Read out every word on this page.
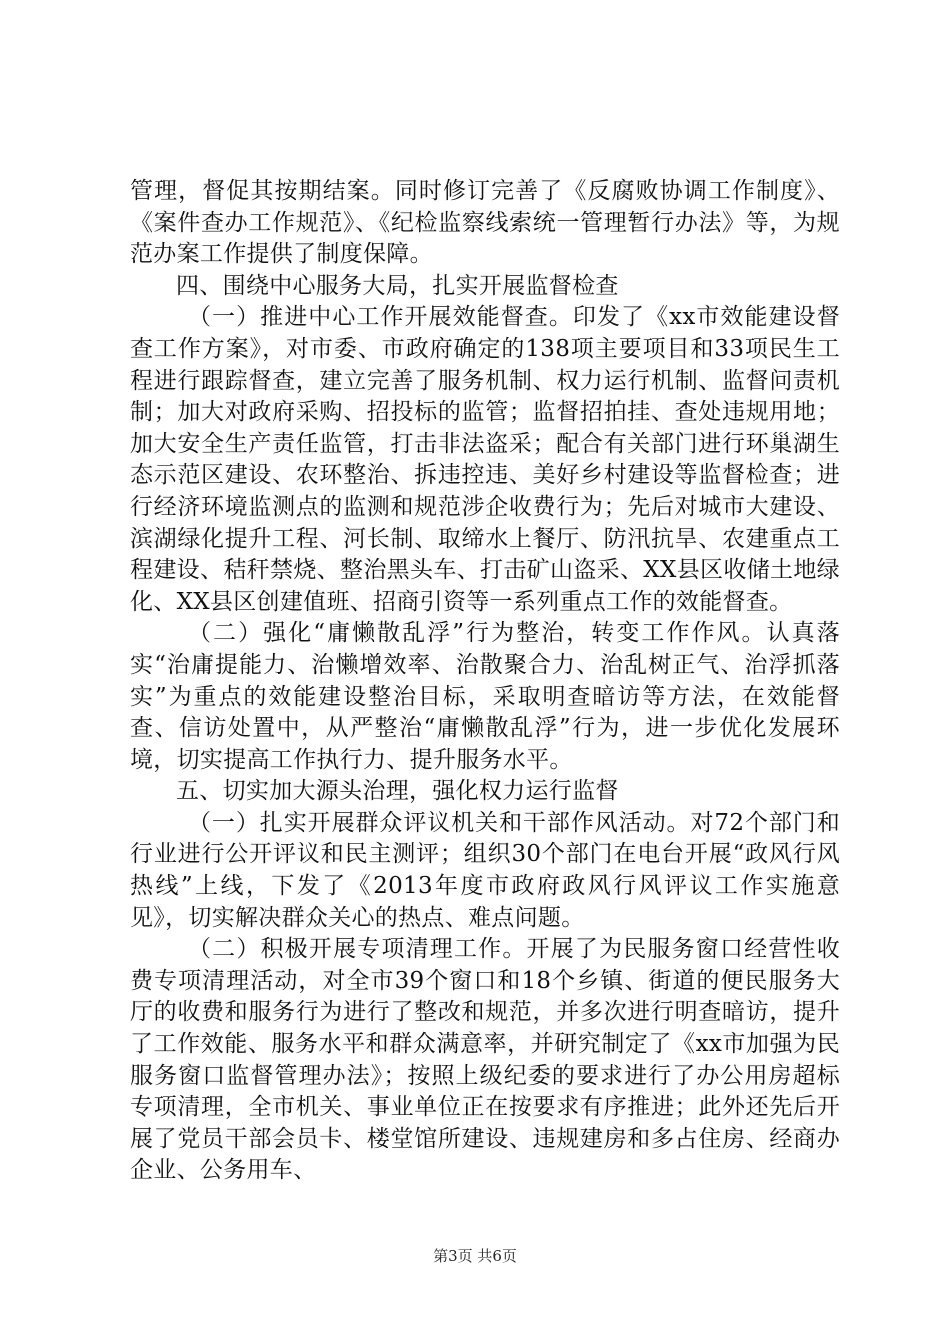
管理，督促其按期结案。同时修订完善了《反腐败协调工作制度》、《案件查办工作规范》、《纪检监察线索统一管理暂行办法》等，为规范办案工作提供了制度保障。

四、围绕中心服务大局，扎实开展监督检查

（一）推进中心工作开展效能督查。印发了《xx市效能建设督查工作方案》，对市委、市政府确定的138项主要项目和33项民生工程进行跟踪督查，建立完善了服务机制、权力运行机制、监督问责机制；加大对政府采购、招投标的监管；监督招拍挂、查处违规用地；加大安全生产责任监管，打击非法盗采；配合有关部门进行环巢湖生态示范区建设、农环整治、拆违控违、美好乡村建设等监督检查；进行经济环境监测点的监测和规范涉企收费行为；先后对城市大建设、滨湖绿化提升工程、河长制、取缔水上餐厅、防汛抗旱、农建重点工程建设、秸秆禁烧、整治黑头车、打击矿山盗采、XX县区收储土地绿化、XX县区创建值班、招商引资等一系列重点工作的效能督查。

（二）强化“庸懒散乱浮”行为整治，转变工作作风。认真落实“治庸提能力、治懒增效率、治散聚合力、治乱树正气、治浮抓落实”为重点的效能建设整治目标，采取明查暗访等方法，在效能督查、信访处置中，从严整治“庸懒散乱浮”行为，进一步优化发展环境，切实提高工作执行力、提升服务水平。

五、切实加大源头治理，强化权力运行监督

（一）扎实开展群众评议机关和干部作风活动。对72个部门和行业进行公开评议和民主测评；组织30个部门在电台开展“政风行风热线”上线，下发了《2013年度市政府政风行风评议工作实施意见》，切实解决群众关心的热点、难点问题。

（二）积极开展专项清理工作。开展了为民服务窗口经营性收费专项清理活动，对全市39个窗口和18个乡镇、街道的便民服务大厅的收费和服务行为进行了整改和规范，并多次进行明查暗访，提升了工作效能、服务水平和群众满意率，并研究制定了《xx市加强为民服务窗口监督管理办法》；按照上级纪委的要求进行了办公用房超标专项清理，全市机关、事业单位正在按要求有序推进；此外还先后开展了党员干部会员卡、楼堂馆所建设、违规建房和多占住房、经商办企业、公务用车、

第3页 共6页
